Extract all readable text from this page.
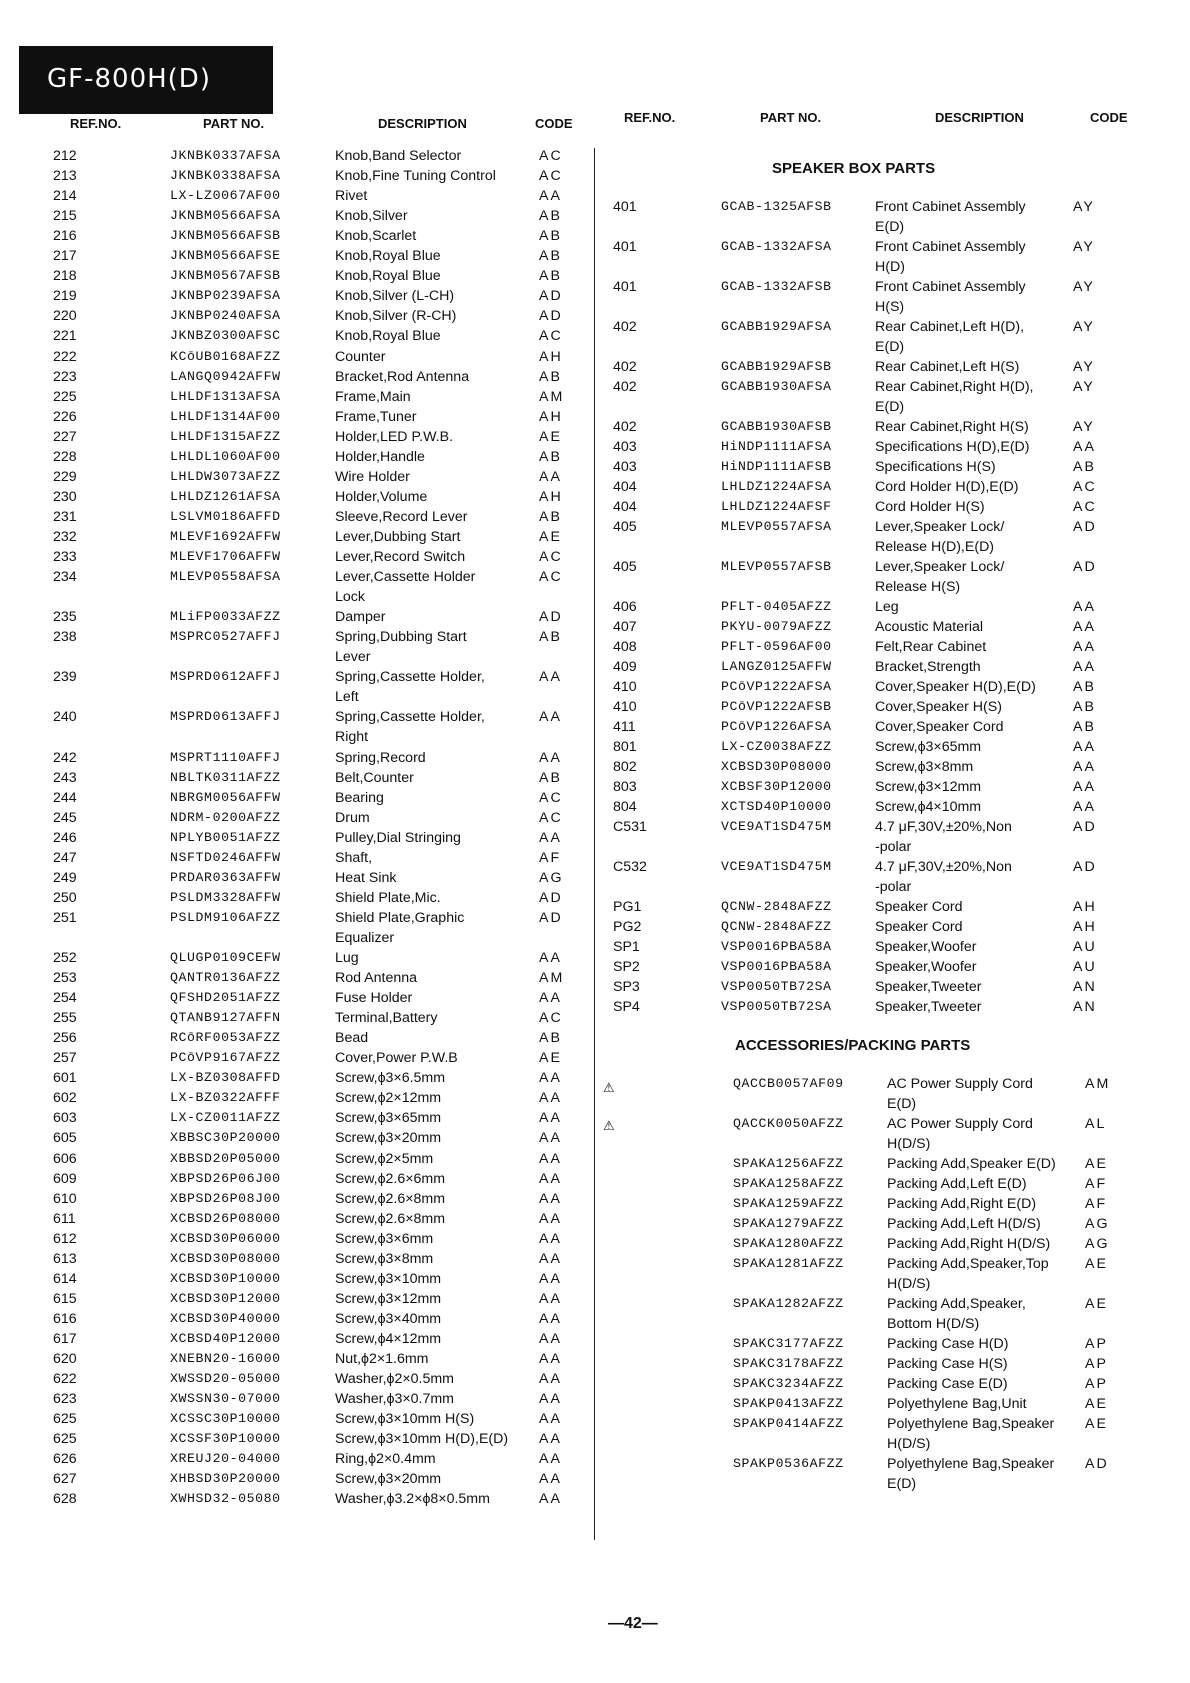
GF-800H(D)
REF.NO.	PART NO.	DESCRIPTION	CODE	REF.NO.	PART NO.	DESCRIPTION	CODE
212	JKNBK0337AFSA	Knob,Band Selector	AC
213	JKNBK0338AFSA	Knob,Fine Tuning Control	AC
214	LX-LZ0067AF00	Rivet	AA
215	JKNBM0566AFSA	Knob,Silver	AB
216	JKNBM0566AFSB	Knob,Scarlet	AB
217	JKNBM0566AFSE	Knob,Royal Blue	AB
218	JKNBM0567AFSB	Knob,Royal Blue	AB
219	JKNBP0239AFSA	Knob,Silver (L-CH)	AD
220	JKNBP0240AFSA	Knob,Silver (R-CH)	AD
221	JKNBZ0300AFSC	Knob,Royal Blue	AC
222	KCōUB0168AFZZ	Counter	AH
223	LANGQ0942AFFW	Bracket,Rod Antenna	AB
225	LHLDF1313AFSA	Frame,Main	AM
226	LHLDF1314AF00	Frame,Tuner	AH
227	LHLDF1315AFZZ	Holder,LED P.W.B.	AE
228	LHLDL1060AF00	Holder,Handle	AB
229	LHLDW3073AFZZ	Wire Holder	AA
230	LHLDZ1261AFSA	Holder,Volume	AH
231	LSLVM0186AFFD	Sleeve,Record Lever	AB
232	MLEVF1692AFFW	Lever,Dubbing Start	AE
233	MLEVF1706AFFW	Lever,Record Switch	AC
234	MLEVP0558AFSA	Lever,Cassette Holder	AC
Lock
235	MLiFP0033AFZZ	Damper	AD
238	MSPRC0527AFFJ	Spring,Dubbing Start	AB
Lever
239	MSPRD0612AFFJ	Spring,Cassette Holder,	AA
Left
240	MSPRD0613AFFJ	Spring,Cassette Holder,	AA
Right
242	MSPRT1110AFFJ	Spring,Record	AA
243	NBLTK0311AFZZ	Belt,Counter	AB
244	NBRGM0056AFFW	Bearing	AC
245	NDRM-0200AFZZ	Drum	AC
246	NPLYB0051AFZZ	Pulley,Dial Stringing	AA
247	NSFTD0246AFFW	Shaft,	AF
249	PRDAR0363AFFW	Heat Sink	AG
250	PSLDM3328AFFW	Shield Plate,Mic.	AD
251	PSLDM9106AFZZ	Shield Plate,Graphic	AD
Equalizer
252	QLUGP0109CEFW	Lug	AA
253	QANTR0136AFZZ	Rod Antenna	AM
254	QFSHD2051AFZZ	Fuse Holder	AA
255	QTANB9127AFFN	Terminal,Battery	AC
256	RCōRF0053AFZZ	Bead	AB
257	PCōVP9167AFZZ	Cover,Power P.W.B	AE
601	LX-BZ0308AFFD	Screw,ϕ3×6.5mm	AA
602	LX-BZ0322AFFF	Screw,ϕ2×12mm	AA
603	LX-CZ0011AFZZ	Screw,ϕ3×65mm	AA
605	XBBSC30P20000	Screw,ϕ3×20mm	AA
606	XBBSD20P05000	Screw,ϕ2×5mm	AA
609	XBPSD26P06J00	Screw,ϕ2.6×6mm	AA
610	XBPSD26P08J00	Screw,ϕ2.6×8mm	AA
611	XCBSD26P08000	Screw,ϕ2.6×8mm	AA
612	XCBSD30P06000	Screw,ϕ3×6mm	AA
613	XCBSD30P08000	Screw,ϕ3×8mm	AA
614	XCBSD30P10000	Screw,ϕ3×10mm	AA
615	XCBSD30P12000	Screw,ϕ3×12mm	AA
616	XCBSD30P40000	Screw,ϕ3×40mm	AA
617	XCBSD40P12000	Screw,ϕ4×12mm	AA
620	XNEBN20-16000	Nut,ϕ2×1.6mm	AA
622	XWSSD20-05000	Washer,ϕ2×0.5mm	AA
623	XWSSN30-07000	Washer,ϕ3×0.7mm	AA
625	XCSSC30P10000	Screw,ϕ3×10mm H(S)	AA
625	XCSSF30P10000	Screw,ϕ3×10mm H(D),E(D) AA
626	XREUJ20-04000	Ring,ϕ2×0.4mm	AA
627	XHBSD30P20000	Screw,ϕ3×20mm	AA
628	XWHSD32-05080	Washer,ϕ3.2×ϕ8×0.5mm	AA
SPEAKER BOX PARTS
401	GCAB-1325AFSB	Front Cabinet Assembly	AY
E(D)
401	GCAB-1332AFSA	Front Cabinet Assembly	AY
H(D)
401	GCAB-1332AFSB	Front Cabinet Assembly	AY
H(S)
402	GCABB1929AFSA	Rear Cabinet,Left H(D),	AY
E(D)
402	GCABB1929AFSB	Rear Cabinet,Left H(S)	AY
402	GCABB1930AFSA	Rear Cabinet,Right H(D),	AY
E(D)
402	GCABB1930AFSB	Rear Cabinet,Right H(S)	AY
403	HiNDP1111AFSA	Specifications H(D),E(D)	AA
403	HiNDP1111AFSB	Specifications H(S)	AB
404	LHLDZ1224AFSA	Cord Holder H(D),E(D)	AC
404	LHLDZ1224AFSF	Cord Holder H(S)	AC
405	MLEVP0557AFSA	Lever,Speaker Lock/	AD
Release H(D),E(D)
405	MLEVP0557AFSB	Lever,Speaker Lock/	AD
Release H(S)
406	PFLT-0405AFZZ	Leg	AA
407	PKYU-0079AFZZ	Acoustic Material	AA
408	PFLT-0596AF00	Felt,Rear Cabinet	AA
409	LANGZ0125AFFW	Bracket,Strength	AA
410	PCōVP1222AFSA	Cover,Speaker H(D),E(D)	AB
410	PCōVP1222AFSB	Cover,Speaker H(S)	AB
411	PCōVP1226AFSA	Cover,Speaker Cord	AB
801	LX-CZ0038AFZZ	Screw,ϕ3×65mm	AA
802	XCBSD30P08000	Screw,ϕ3×8mm	AA
803	XCBSF30P12000	Screw,ϕ3×12mm	AA
804	XCTSD40P10000	Screw,ϕ4×10mm	AA
C531	VCE9AT1SD475M	4.7 μF,30V,±20%,Non	AD
-polar
C532	VCE9AT1SD475M	4.7 μF,30V,±20%,Non	AD
-polar
PG1	QCNW-2848AFZZ	Speaker Cord	AH
PG2	QCNW-2848AFZZ	Speaker Cord	AH
SP1	VSP0016PBA58A	Speaker,Woofer	AU
SP2	VSP0016PBA58A	Speaker,Woofer	AU
SP3	VSP0050TB72SA	Speaker,Tweeter	AN
SP4	VSP0050TB72SA	Speaker,Tweeter	AN
ACCESSORIES/PACKING PARTS
QACCB0057AF09	AC Power Supply Cord	AM
E(D)
QACCK0050AFZZ	AC Power Supply Cord	AL
H(D/S)
SPAKA1256AFZZ	Packing Add,Speaker E(D) AE
SPAKA1258AFZZ	Packing Add,Left E(D)	AF
SPAKA1259AFZZ	Packing Add,Right E(D)	AF
SPAKA1279AFZZ	Packing Add,Left H(D/S)	AG
SPAKA1280AFZZ	Packing Add,Right H(D/S) AG
SPAKA1281AFZZ	Packing Add,Speaker,Top	AE
H(D/S)
SPAKA1282AFZZ	Packing Add,Speaker,	AE
Bottom H(D/S)
SPAKC3177AFZZ	Packing Case H(D)	AP
SPAKC3178AFZZ	Packing Case H(S)	AP
SPAKC3234AFZZ	Packing Case E(D)	AP
SPAKP0413AFZZ	Polyethylene Bag,Unit	AE
SPAKP0414AFZZ	Polyethylene Bag,Speaker AE
H(D/S)
SPAKP0536AFZZ	Polyethylene Bag,Speaker AD
E(D)
⚠
⚠
—42—
